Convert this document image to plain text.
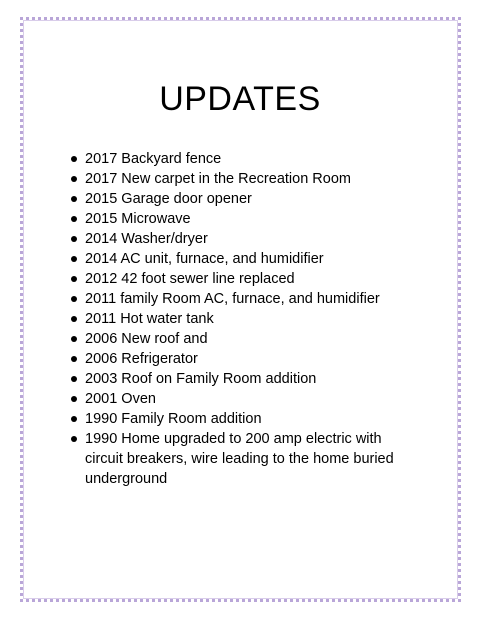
UPDATES
2017 Backyard fence
2017 New carpet in the Recreation Room
2015 Garage door opener
2015 Microwave
2014 Washer/dryer
2014 AC unit, furnace, and humidifier
2012 42 foot sewer line replaced
2011 family Room AC, furnace, and humidifier
2011 Hot water tank
2006 New roof and
2006 Refrigerator
2003 Roof on Family Room addition
2001 Oven
1990 Family Room addition
1990 Home upgraded to 200 amp electric with circuit breakers, wire leading to the home buried underground
